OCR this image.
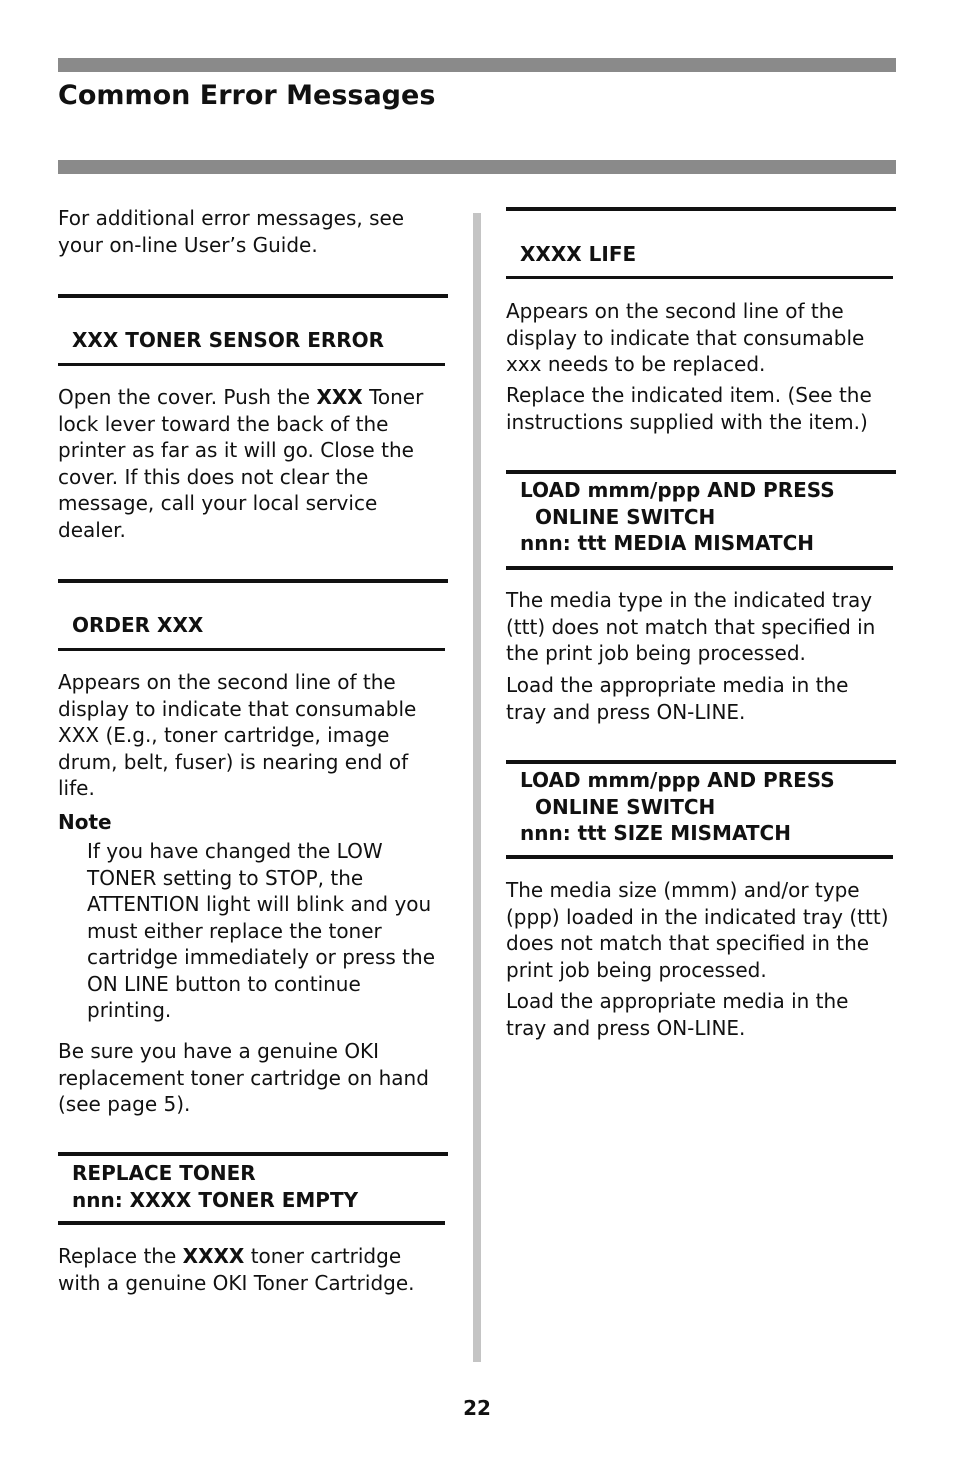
Common Error Messages
For additional error messages, see your on-line User’s Guide.
XXX TONER SENSOR ERROR
Open the cover. Push the XXX Toner lock lever toward the back of the printer as far as it will go. Close the cover. If this does not clear the message, call your local service dealer.
ORDER XXX
Appears on the second line of the display to indicate that consumable XXX (E.g., toner cartridge, image drum, belt, fuser) is nearing end of life.
Note
If you have changed the LOW TONER setting to STOP, the ATTENTION light will blink and you must either replace the toner cartridge immediately or press the ON LINE button to continue printing.
Be sure you have a genuine OKI replacement toner cartridge on hand (see page 5).
REPLACE TONER
nnn: XXXX TONER EMPTY
Replace the XXXX toner cartridge with a genuine OKI Toner Cartridge.
XXXX LIFE
Appears on the second line of the display to indicate that consumable xxx needs to be replaced.
Replace the indicated item. (See the instructions supplied with the item.)
LOAD mmm/ppp AND PRESS
ONLINE SWITCH
nnn: ttt MEDIA MISMATCH
The media type in the indicated tray (ttt) does not match that specified in the print job being processed.
Load the appropriate media in the tray and press ON-LINE.
LOAD mmm/ppp AND PRESS
ONLINE SWITCH
nnn: ttt SIZE MISMATCH
The media size (mmm) and/or type (ppp) loaded in the indicated tray (ttt) does not match that specified in the print job being processed.
Load the appropriate media in the tray and press ON-LINE.
22
